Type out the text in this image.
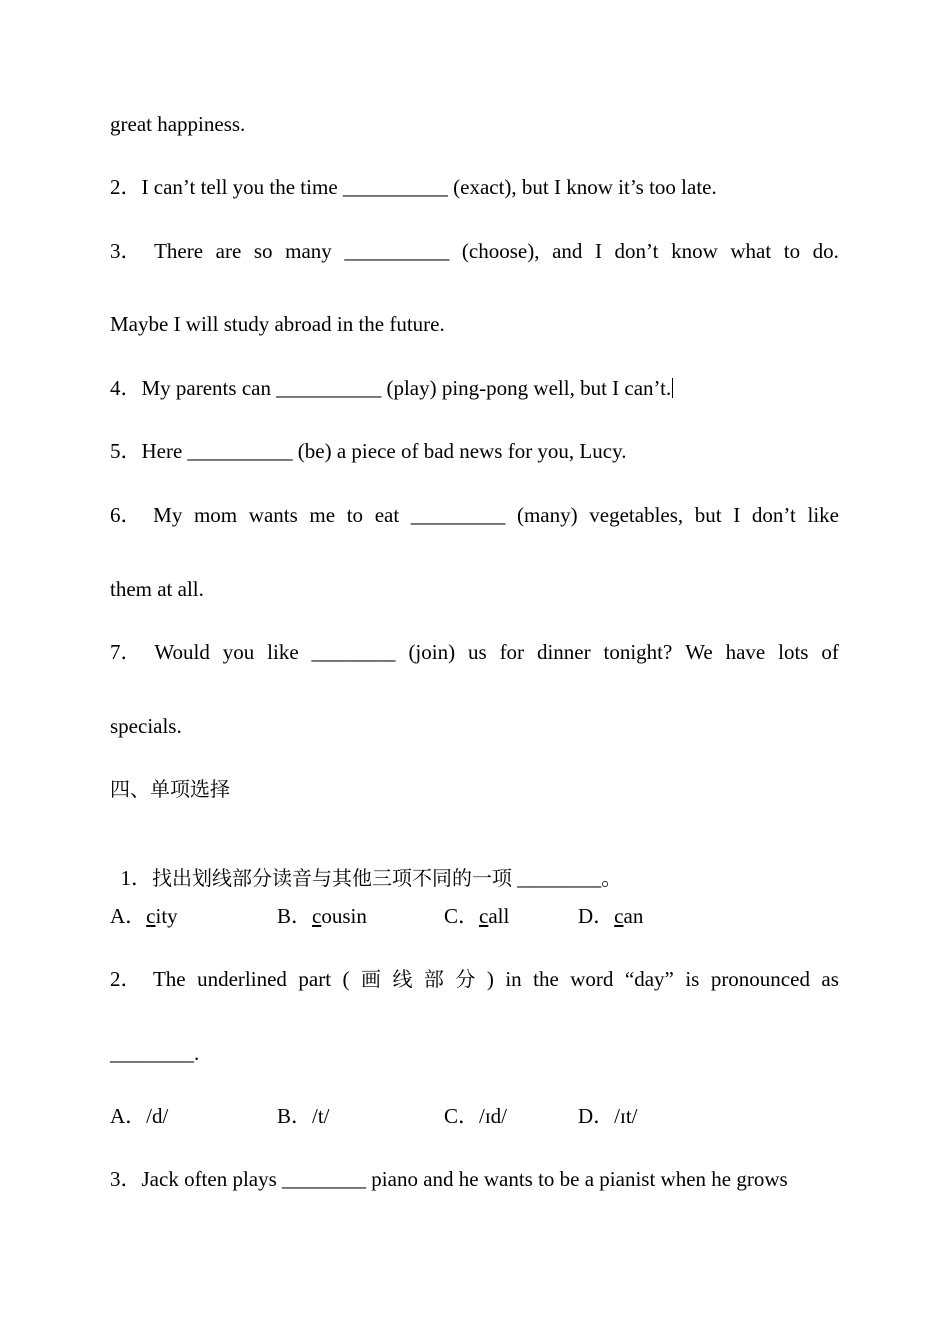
great happiness.
2．I can’t tell you the time __________ (exact), but I know it’s too late.
3． There are so many __________ (choose), and I don’t know what to do.
Maybe I will study abroad in the future.
4．My parents can __________ (play) ping-pong well, but I can’t.
5．Here __________ (be) a piece of bad news for you, Lucy.
6． My mom wants me to eat _________ (many) vegetables, but I don’t like
them at all.
7． Would you like ________ (join) us for dinner tonight? We have lots of
specials.
四、单项选择

1．找出划线部分读音与其他三项不同的一项 ________。

A．city	B．cousin	C．call	D．can
2． The underlined part ( 画 线 部 分 ) in the word “day” is pronounced as
________.
A．/d/	B．/t/	C．/ɪd/	D．/ɪt/
3．Jack often plays ________ piano and he wants to be a pianist when he grows
